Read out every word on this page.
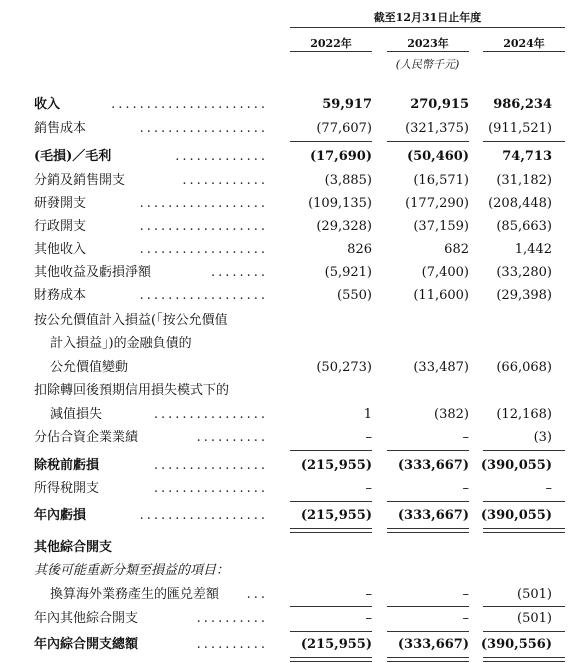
截至12月31日止年度
2022年	2023年	2024年
(人民幣千元)
收入	......................	59,917	270,915	986,234
銷售成本	..................	(77,607)	(321,375)	(911,521)
(毛損)／毛利	.............	(17,690)	(50,460)	74,713
分銷及銷售開支	............	(3,885)	(16,571)	(31,182)
研發開支	..................	(109,135)	(177,290)	(208,448)
行政開支	..................	(29,328)	(37,159)	(85,663)
其他收入	..................	826	682	1,442
其他收益及虧損淨額	........	(5,921)	(7,400)	(33,280)
財務成本	..................	(550)	(11,600)	(29,398)
按公允價值計入損益(「按公允價值
計入損益」)的金融負債的
公允價值變動	(50,273)	(33,487)	(66,068)
扣除轉回後預期信用損失模式下的
減值損失	................	1	(382)	(12,168)
分佔合資企業業績	..........	–	–	(3)
除稅前虧損	................	(215,955)	(333,667) (390,055)
所得稅開支	................	–	–	–
年內虧損	..................	(215,955)	(333,667) (390,055)
其他綜合開支
其後可能重新分類至損益的項目：
換算海外業務產生的匯兑差額	...	–	–	(501)
年內其他綜合開支	..........	–	–	(501)
年內綜合開支總額	..........	(215,955)	(333,667) (390,556)
